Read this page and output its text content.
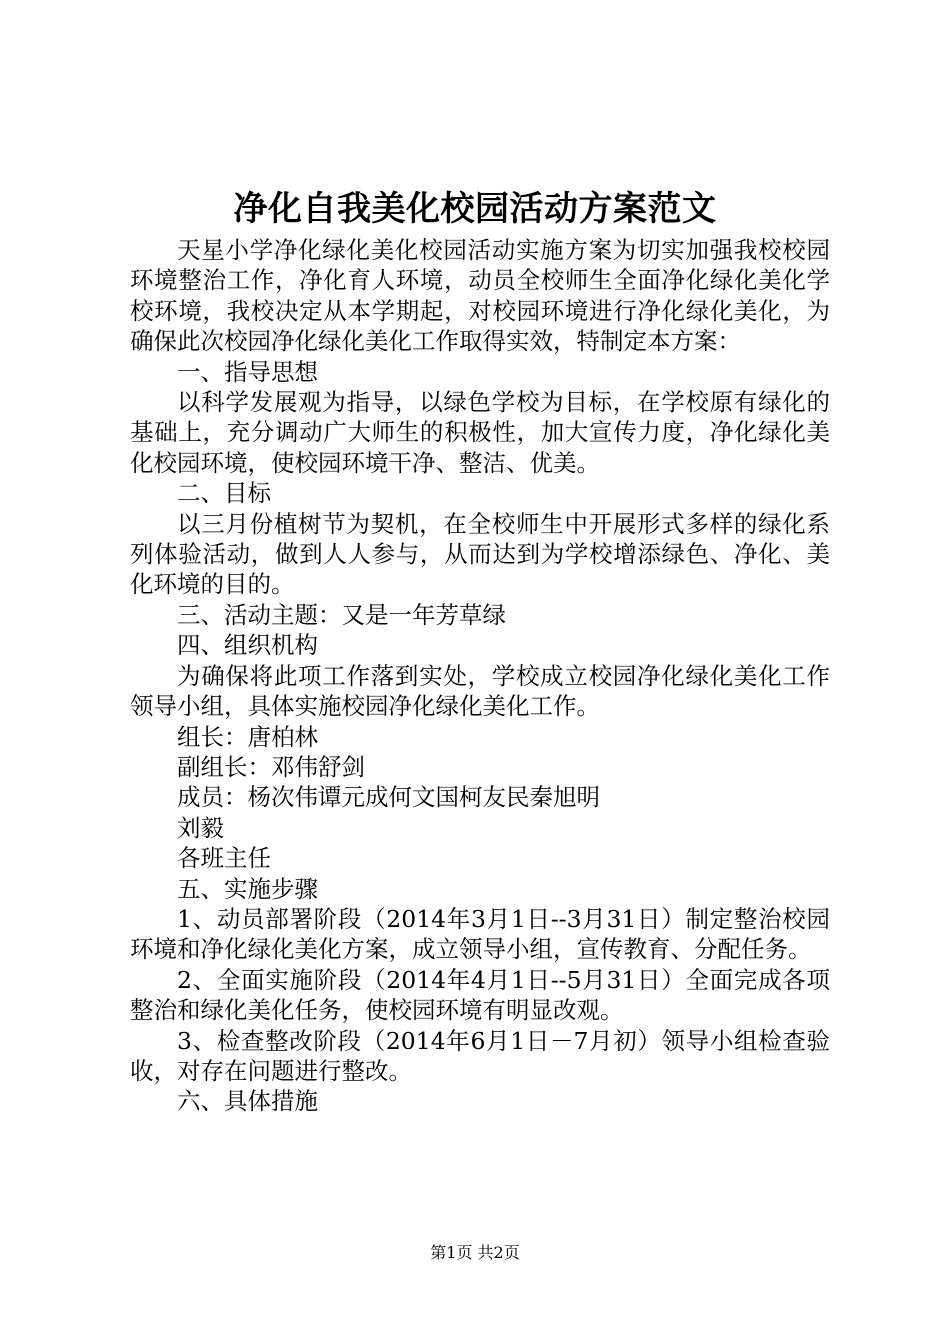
净化自我美化校园活动方案范文

天星小学净化绿化美化校园活动实施方案为切实加强我校校园环境整治工作，净化育人环境，动员全校师生全面净化绿化美化学校环境，我校决定从本学期起，对校园环境进行净化绿化美化，为确保此次校园净化绿化美化工作取得实效，特制定本方案：

一、指导思想

以科学发展观为指导，以绿色学校为目标，在学校原有绿化的基础上，充分调动广大师生的积极性，加大宣传力度，净化绿化美化校园环境，使校园环境干净、整洁、优美。

二、目标

以三月份植树节为契机，在全校师生中开展形式多样的绿化系列体验活动，做到人人参与，从而达到为学校增添绿色、净化、美化环境的目的。

三、活动主题：又是一年芳草绿

四、组织机构

为确保将此项工作落到实处，学校成立校园净化绿化美化工作领导小组，具体实施校园净化绿化美化工作。

组长：唐柏林

副组长：邓伟舒剑

成员：杨次伟谭元成何文国柯友民秦旭明

刘毅

各班主任

五、实施步骤

1、动员部署阶段（2014年3月1日--3月31日）制定整治校园环境和净化绿化美化方案，成立领导小组，宣传教育、分配任务。

2、全面实施阶段（2014年4月1日--5月31日）全面完成各项整治和绿化美化任务，使校园环境有明显改观。

3、检查整改阶段（2014年6月1日－7月初）领导小组检查验收，对存在问题进行整改。

六、具体措施

第1页 共2页
